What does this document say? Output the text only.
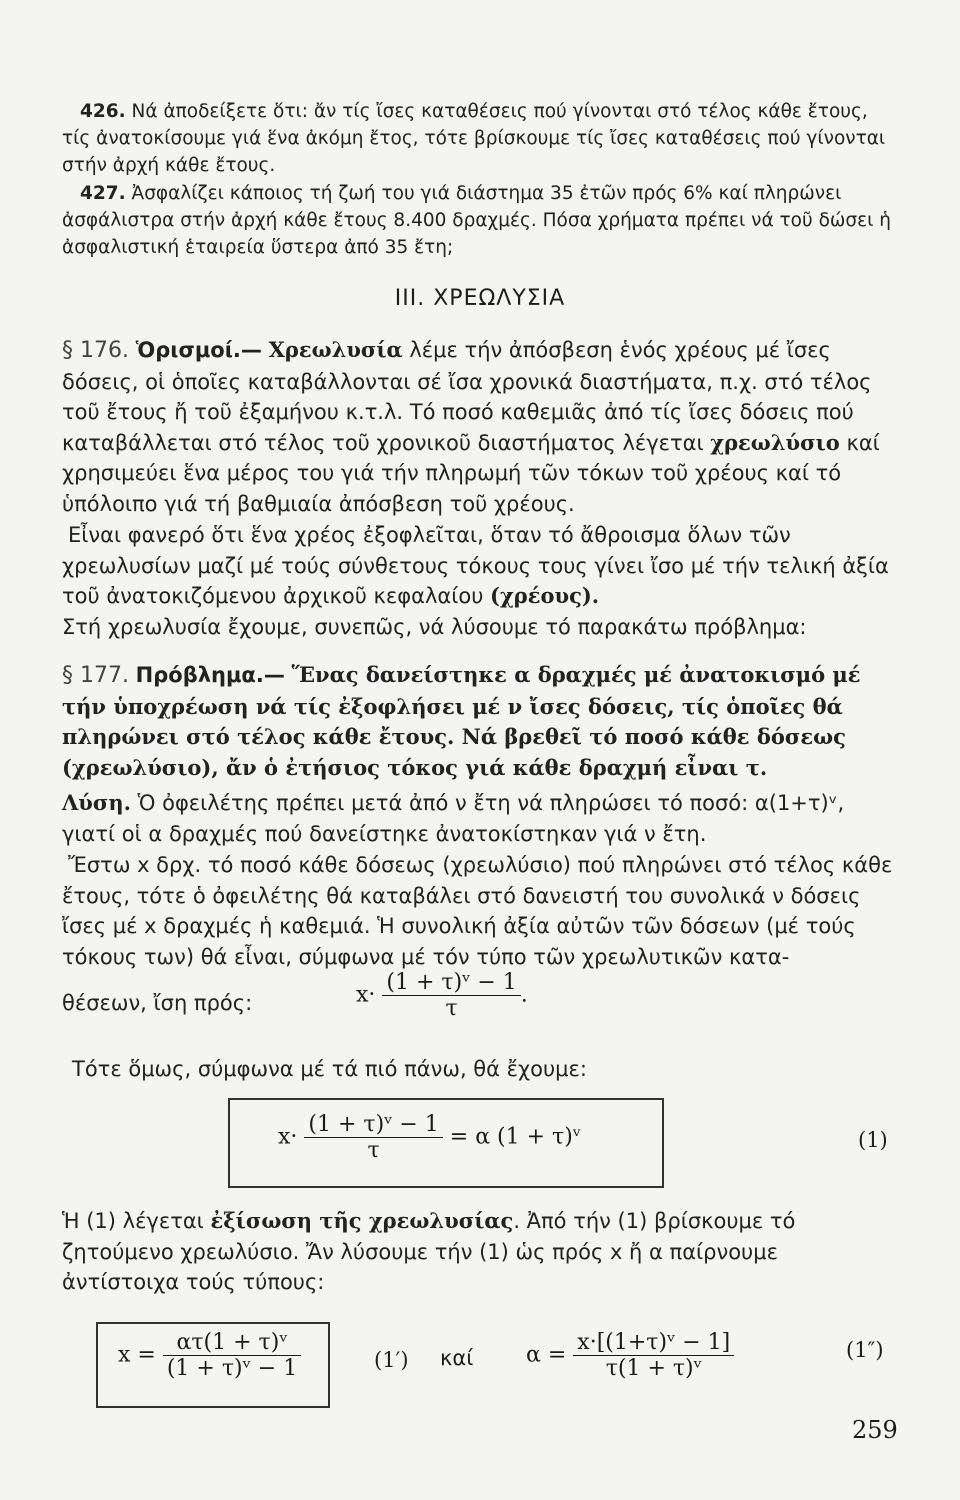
426. Νά ἀποδείξετε ὅτι: ἄν τίς ἴσες καταθέσεις πού γίνονται στό τέλος κάθε ἔτους, τίς ἀνατοκίσουμε γιά ἕνα ἀκόμη ἔτος, τότε βρίσκουμε τίς ἴσες καταθέσεις πού γίνονται στήν ἀρχή κάθε ἔτους.
427. Ἀσφαλίζει κάποιος τή ζωή του γιά διάστημα 35 ἐτῶν πρός 6% καί πληρώνει ἀσφάλιστρα στήν ἀρχή κάθε ἔτους 8.400 δραχμές. Πόσα χρήματα πρέπει νά τοῦ δώσει ἡ ἀσφαλιστική ἑταιρεία ὕστερα ἀπό 35 ἔτη;
III. ΧΡΕΩΛΥΣΙΑ
§ 176. Ὁρισμοί.— Χρεωλυσία λέμε τήν ἀπόσβεση ἑνός χρέους μέ ἴσες δόσεις, οἱ ὁποῖες καταβάλλονται σέ ἴσα χρονικά διαστήματα, π.χ. στό τέλος τοῦ ἔτους ἤ τοῦ ἐξαμήνου κ.τ.λ. Τό ποσό καθεμιᾶς ἀπό τίς ἴσες δόσεις πού καταβάλλεται στό τέλος τοῦ χρονικοῦ διαστήματος λέγεται χρεωλύσιο καί χρησιμεύει ἕνα μέρος του γιά τήν πληρωμή τῶν τόκων τοῦ χρέους καί τό ὑπόλοιπο γιά τή βαθμιαία ἀπόσβεση τοῦ χρέους.
Εἶναι φανερό ὅτι ἕνα χρέος ἐξοφλεῖται, ὅταν τό ἄθροισμα ὅλων τῶν χρεωλυσίων μαζί μέ τούς σύνθετους τόκους τους γίνει ἴσο μέ τήν τελική ἀξία τοῦ ἀνατοκιζόμενου ἀρχικοῦ κεφαλαίου (χρέους).
Στή χρεωλυσία ἔχουμε, συνεπῶς, νά λύσουμε τό παρακάτω πρόβλημα:
§ 177. Πρόβλημα.— Ἕνας δανείστηκε α δραχμές μέ ἀνατοκισμό μέ τήν ὑποχρέωση νά τίς ἐξοφλήσει μέ ν ἴσες δόσεις, τίς ὁποῖες θά πληρώνει στό τέλος κάθε ἔτους. Νά βρεθεῖ τό ποσό κάθε δόσεως (χρεωλύσιο), ἄν ὁ ἐτήσιος τόκος γιά κάθε δραχμή εἶναι τ.
Λύση. Ὁ ὀφειλέτης πρέπει μετά ἀπό ν ἔτη νά πληρώσει τό ποσό: α(1+τ)ᵛ, γιατί οἱ α δραχμές πού δανείστηκε ἀνατοκίστηκαν γιά ν ἔτη.
Ἔστω x δρχ. τό ποσό κάθε δόσεως (χρεωλύσιο) πού πληρώνει στό τέλος κάθε ἔτους, τότε ὁ ὀφειλέτης θά καταβάλει στό δανειστή του συνολικά ν δόσεις ἴσες μέ x δραχμές ἡ καθεμιά. Ἡ συνολική ἀξία αὐτῶν τῶν δόσεων (μέ τούς τόκους των) θά εἶναι, σύμφωνα μέ τόν τύπο τῶν χρεωλυτικῶν κατα-
θέσεων, ἴση πρός:	$x\cdot \frac{\text{(1 + τ)ᵛ − 1}}{\tau}$ .
Τότε ὅμως, σύμφωνα μέ τά πιό πάνω, θά ἔχουμε:
$x\cdot \frac{\text{(1 + τ)ᵛ − 1}}{\tau} = \alpha$ (1 + τ)ᵛ	(1)
Ἡ (1) λέγεται ἐξίσωση τῆς χρεωλυσίας. Ἀπό τήν (1) βρίσκουμε τό ζητούμενο χρεωλύσιο. Ἄν λύσουμε τήν (1) ὡς πρός x ἤ α παίρνουμε ἀντίστοιχα τούς τύπους:
$x = \frac{\text{ατ(1 + τ)ᵛ}}{\text{(1 + τ)ᵛ − 1}}$	(1′) καί $\alpha = \frac{\text{x·[(1+τ)ᵛ − 1]}}{\text{τ(1 + τ)ᵛ}}$	(1″)
259
